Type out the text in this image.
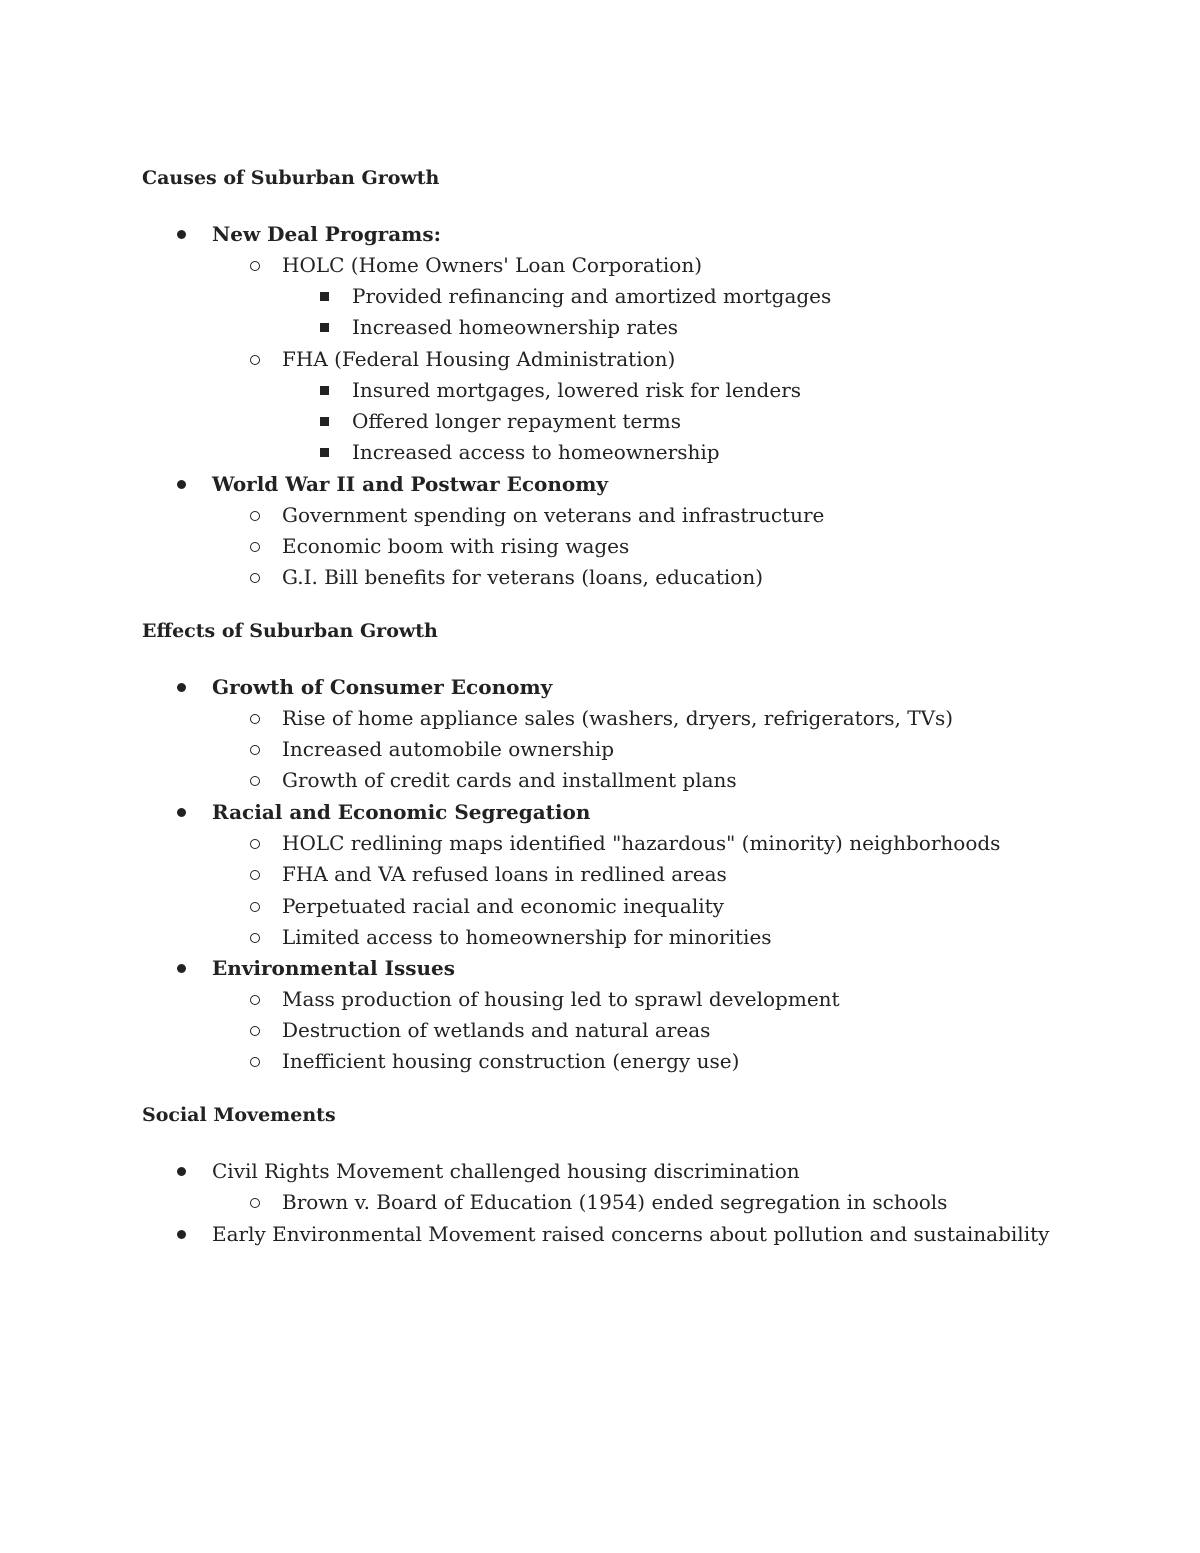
Causes of Suburban Growth
New Deal Programs:
HOLC (Home Owners' Loan Corporation)
Provided refinancing and amortized mortgages
Increased homeownership rates
FHA (Federal Housing Administration)
Insured mortgages, lowered risk for lenders
Offered longer repayment terms
Increased access to homeownership
World War II and Postwar Economy
Government spending on veterans and infrastructure
Economic boom with rising wages
G.I. Bill benefits for veterans (loans, education)
Effects of Suburban Growth
Growth of Consumer Economy
Rise of home appliance sales (washers, dryers, refrigerators, TVs)
Increased automobile ownership
Growth of credit cards and installment plans
Racial and Economic Segregation
HOLC redlining maps identified "hazardous" (minority) neighborhoods
FHA and VA refused loans in redlined areas
Perpetuated racial and economic inequality
Limited access to homeownership for minorities
Environmental Issues
Mass production of housing led to sprawl development
Destruction of wetlands and natural areas
Inefficient housing construction (energy use)
Social Movements
Civil Rights Movement challenged housing discrimination
Brown v. Board of Education (1954) ended segregation in schools
Early Environmental Movement raised concerns about pollution and sustainability
